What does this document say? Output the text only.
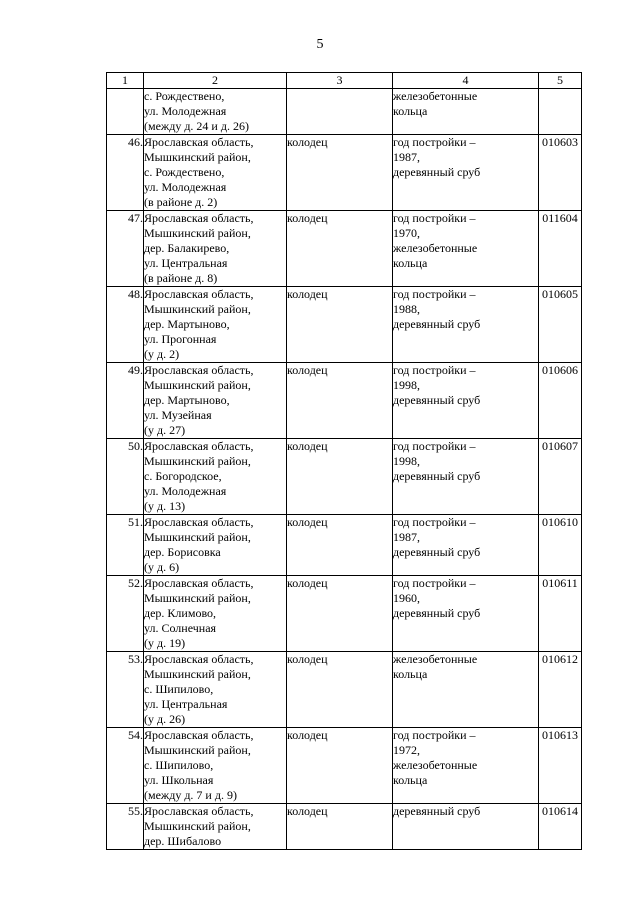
5
1	2	3	4	5

	с. Рождествено,
ул. Молодежная
(между д. 24 и д. 26)		железобетонные
кольца	

46.	Ярославская область,
Мышкинский район,
с. Рождествено,
ул. Молодежная
(в районе д. 2)	колодец	год постройки –
1987,
деревянный сруб	010603
47.	Ярославская область,
Мышкинский район,
дер. Балакирево,
ул. Центральная
(в районе д. 8)	колодец	год постройки –
1970,
железобетонные
кольца	011604
48.	Ярославская область,
Мышкинский район,
дер. Мартыново,
ул. Прогонная
(у д. 2)	колодец	год постройки –
1988,
деревянный сруб	010605
49.	Ярославская область,
Мышкинский район,
дер. Мартыново,
ул. Музейная
(у д. 27)	колодец	год постройки –
1998,
деревянный сруб	010606
50.	Ярославская область,
Мышкинский район,
с. Богородское,
ул. Молодежная
(у д. 13)	колодец	год постройки –
1998,
деревянный сруб	010607
51.	Ярославская область,
Мышкинский район,
дер. Борисовка
(у д. 6)	колодец	год постройки –
1987,
деревянный сруб	010610
52.	Ярославская область,
Мышкинский район,
дер. Климово,
ул. Солнечная
(у д. 19)	колодец	год постройки –
1960,
деревянный сруб	010611
53.	Ярославская область,
Мышкинский район,
с. Шипилово,
ул. Центральная
(у д. 26)	колодец	железобетонные
кольца	010612
54.	Ярославская область,
Мышкинский район,
с. Шипилово,
ул. Школьная
(между д. 7 и д. 9)	колодец	год постройки –
1972,
железобетонные
кольца	010613
55.	Ярославская область,
Мышкинский район,
дер. Шибалово	колодец	деревянный сруб	010614
